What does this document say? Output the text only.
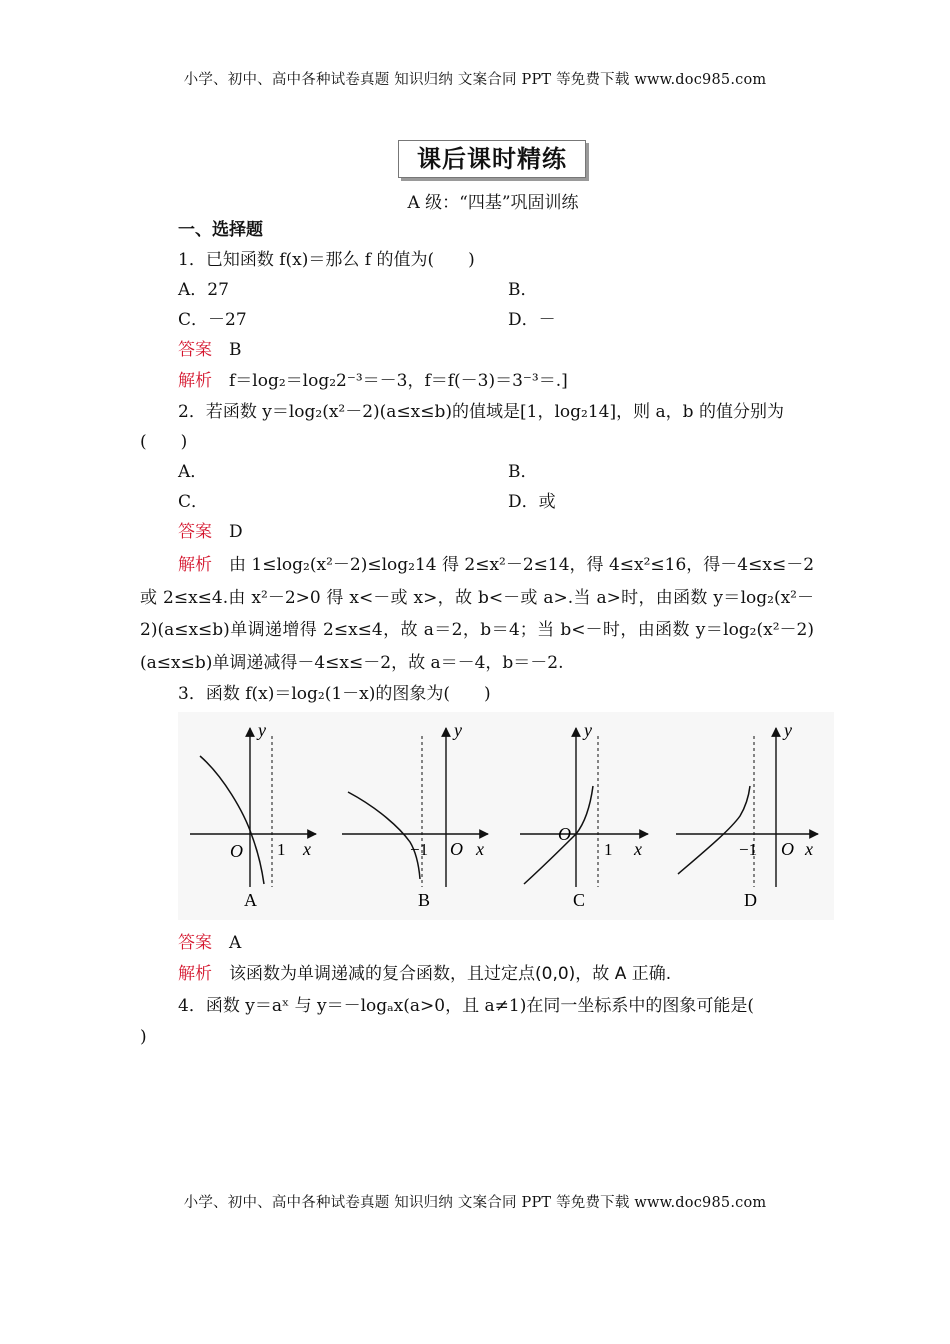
小学、初中、高中各种试卷真题 知识归纳 文案合同 PPT 等免费下载 www.doc985.com
课后课时精练
A 级：“四基”巩固训练
一、选择题
1．已知函数 f(x)＝那么 f 的值为(　　)
A．27	B．
C．－27	D．－
答案　 B
解析　 f＝log₂＝log₂2⁻³＝－3，f＝f(－3)＝3⁻³＝.]
2．若函数 y＝log₂(x²－2)(a≤x≤b)的值域是[1，log₂14]，则 a，b 的值分别为
(　　)
A．	B．
C．	D．或
答案　 D
解析　 由 1≤log₂(x²－2)≤log₂14 得 2≤x²－2≤14，得 4≤x²≤16，得－4≤x≤－2 或 2≤x≤4.由 x²－2>0 得 x<－或 x>，故 b<－或 a>.当 a>时，由函数 y＝log₂(x²－2)(a≤x≤b)单调递增得 2≤x≤4，故 a＝2，b＝4；当 b<－时，由函数 y＝log₂(x²－2)(a≤x≤b)单调递减得－4≤x≤－2，故 a＝－4，b＝－2.
3．函数 f(x)＝log₂(1－x)的图象为(　　)
y
x
O 1
A
y
x
O
−1
B
y
x
O
1
C
y
x
O
−1
D
答案　 A
解析　 该函数为单调递减的复合函数，且过定点(0,0)，故 A 正确.
4．函数 y＝aˣ 与 y＝－logₐx(a>0，且 a≠1)在同一坐标系中的图象可能是(
)
小学、初中、高中各种试卷真题 知识归纳 文案合同 PPT 等免费下载 www.doc985.com
